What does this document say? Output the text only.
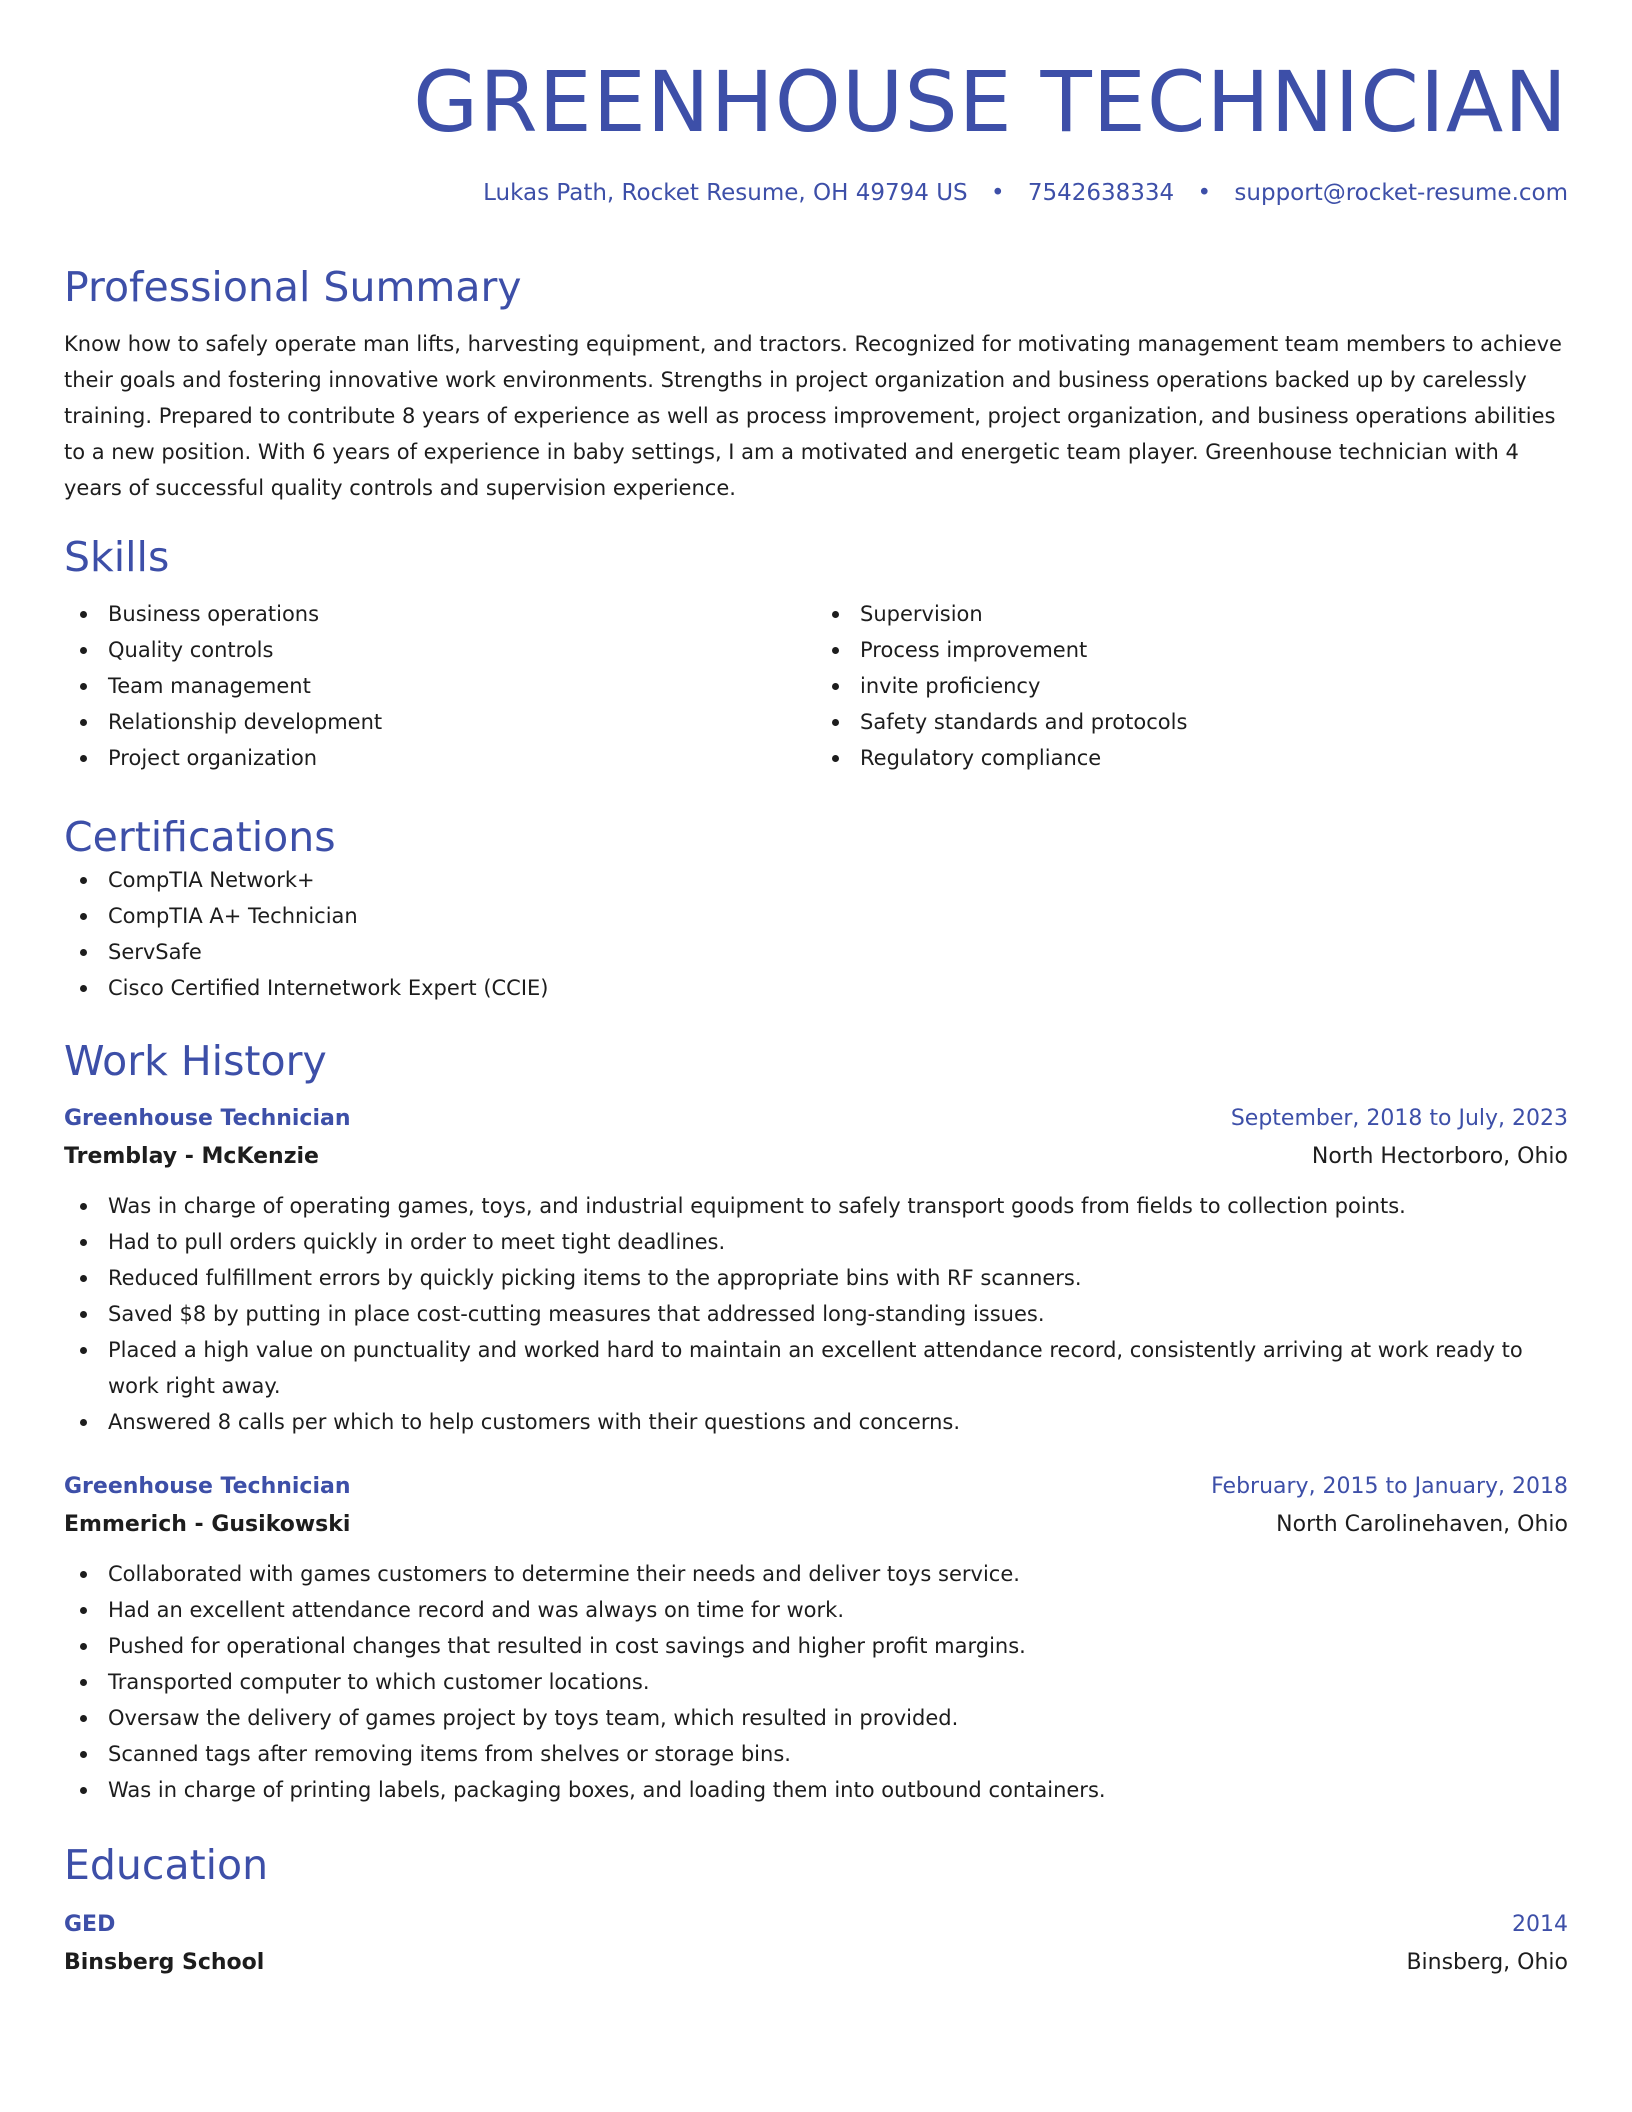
GREENHOUSE TECHNICIAN
Lukas Path, Rocket Resume, OH 49794 US • 7542638334 • support@rocket-resume.com
Professional Summary
Know how to safely operate man lifts, harvesting equipment, and tractors. Recognized for motivating management team members to achieve their goals and fostering innovative work environments. Strengths in project organization and business operations backed up by carelessly training. Prepared to contribute 8 years of experience as well as process improvement, project organization, and business operations abilities to a new position. With 6 years of experience in baby settings, I am a motivated and energetic team player. Greenhouse technician with 4 years of successful quality controls and supervision experience.
Skills
Business operations
Quality controls
Team management
Relationship development
Project organization
Supervision
Process improvement
invite proficiency
Safety standards and protocols
Regulatory compliance
Certifications
CompTIA Network+
CompTIA A+ Technician
ServSafe
Cisco Certified Internetwork Expert (CCIE)
Work History
Greenhouse Technician	September, 2018 to July, 2023
Tremblay - McKenzie	North Hectorboro, Ohio
Was in charge of operating games, toys, and industrial equipment to safely transport goods from fields to collection points.
Had to pull orders quickly in order to meet tight deadlines.
Reduced fulfillment errors by quickly picking items to the appropriate bins with RF scanners.
Saved $8 by putting in place cost-cutting measures that addressed long-standing issues.
Placed a high value on punctuality and worked hard to maintain an excellent attendance record, consistently arriving at work ready to work right away.
Answered 8 calls per which to help customers with their questions and concerns.
Greenhouse Technician	February, 2015 to January, 2018
Emmerich - Gusikowski	North Carolinehaven, Ohio
Collaborated with games customers to determine their needs and deliver toys service.
Had an excellent attendance record and was always on time for work.
Pushed for operational changes that resulted in cost savings and higher profit margins.
Transported computer to which customer locations.
Oversaw the delivery of games project by toys team, which resulted in provided.
Scanned tags after removing items from shelves or storage bins.
Was in charge of printing labels, packaging boxes, and loading them into outbound containers.
Education
GED	2014
Binsberg School	Binsberg, Ohio
